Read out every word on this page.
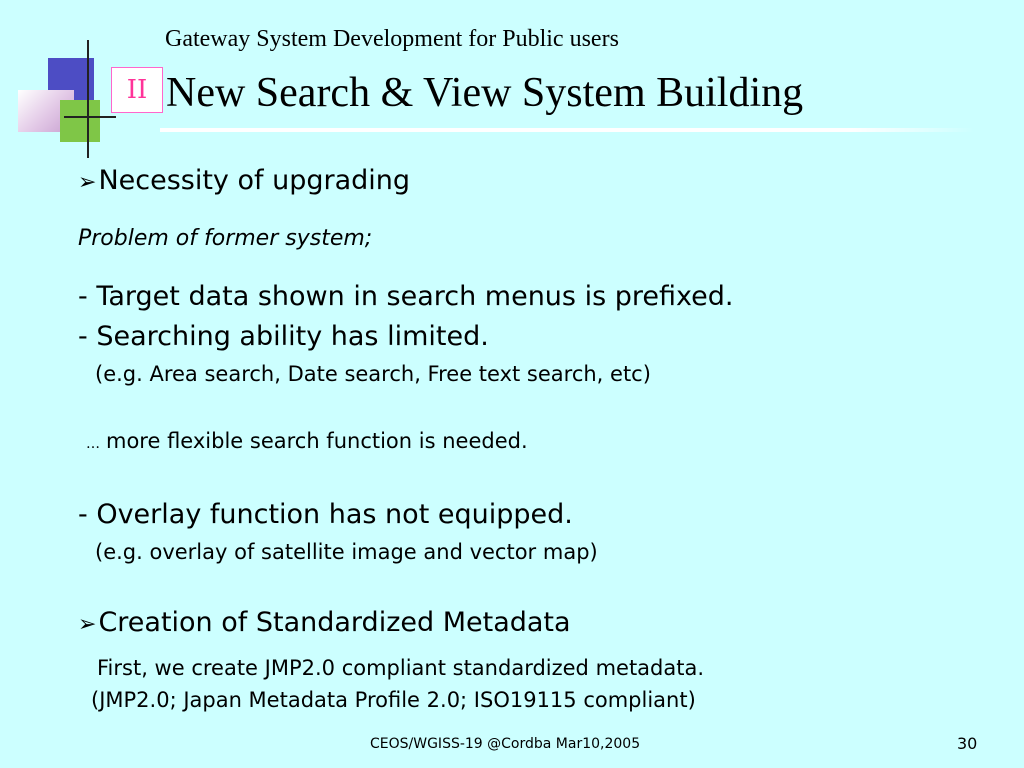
II
Gateway System Development for Public users
New Search & View System Building
➢Necessity of upgrading
Problem of former system;
- Target data shown in search menus is prefixed.
- Searching ability has limited.
(e.g. Area search, Date search, Free text search, etc)
… more flexible search function is needed.
- Overlay function has not equipped.
(e.g. overlay of satellite image and vector map)
➢Creation of Standardized Metadata
First, we create JMP2.0 compliant standardized metadata.
(JMP2.0; Japan Metadata Profile 2.0; ISO19115 compliant)
CEOS/WGISS-19 @Cordba Mar10,2005	30
